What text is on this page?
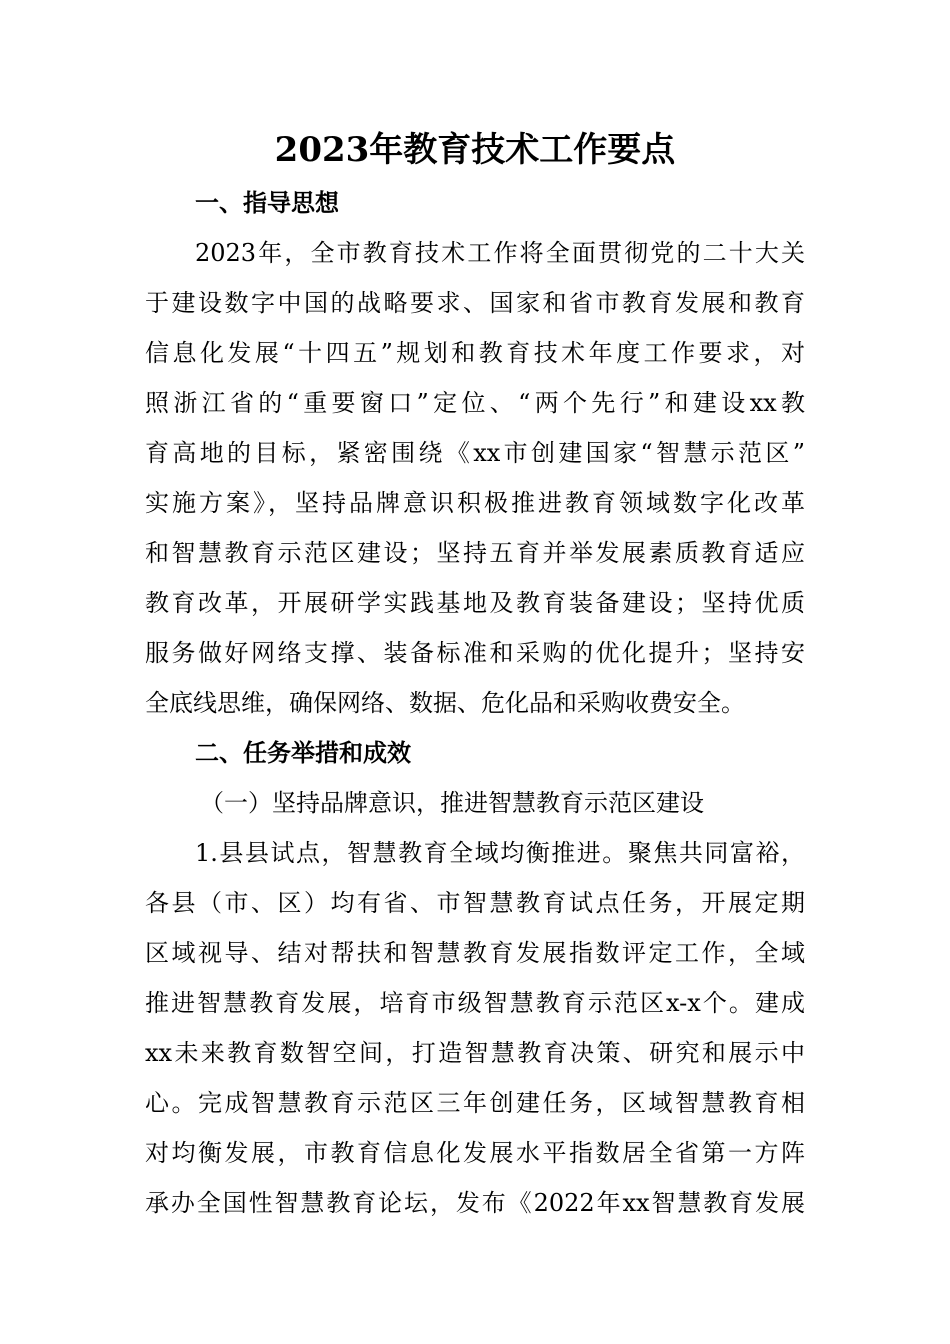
2023年教育技术工作要点
一、指导思想
2023年，全市教育技术工作将全面贯彻党的二十大关
于建设数字中国的战略要求、国家和省市教育发展和教育
信息化发展“十四五”规划和教育技术年度工作要求，对
照浙江省的“重要窗口”定位、“两个先行”和建设xx教
育高地的目标，紧密围绕《xx市创建国家“智慧示范区”
实施方案》，坚持品牌意识积极推进教育领域数字化改革
和智慧教育示范区建设；坚持五育并举发展素质教育适应
教育改革，开展研学实践基地及教育装备建设；坚持优质
服务做好网络支撑、装备标准和采购的优化提升；坚持安
全底线思维，确保网络、数据、危化品和采购收费安全。
二、任务举措和成效
（一）坚持品牌意识，推进智慧教育示范区建设
1.县县试点，智慧教育全域均衡推进。聚焦共同富裕，
各县（市、区）均有省、市智慧教育试点任务，开展定期
区域视导、结对帮扶和智慧教育发展指数评定工作，全域
推进智慧教育发展，培育市级智慧教育示范区x-x个。建成
xx未来教育数智空间，打造智慧教育决策、研究和展示中
心。完成智慧教育示范区三年创建任务，区域智慧教育相
对均衡发展，市教育信息化发展水平指数居全省第一方阵
承办全国性智慧教育论坛，发布《2022年xx智慧教育发展
